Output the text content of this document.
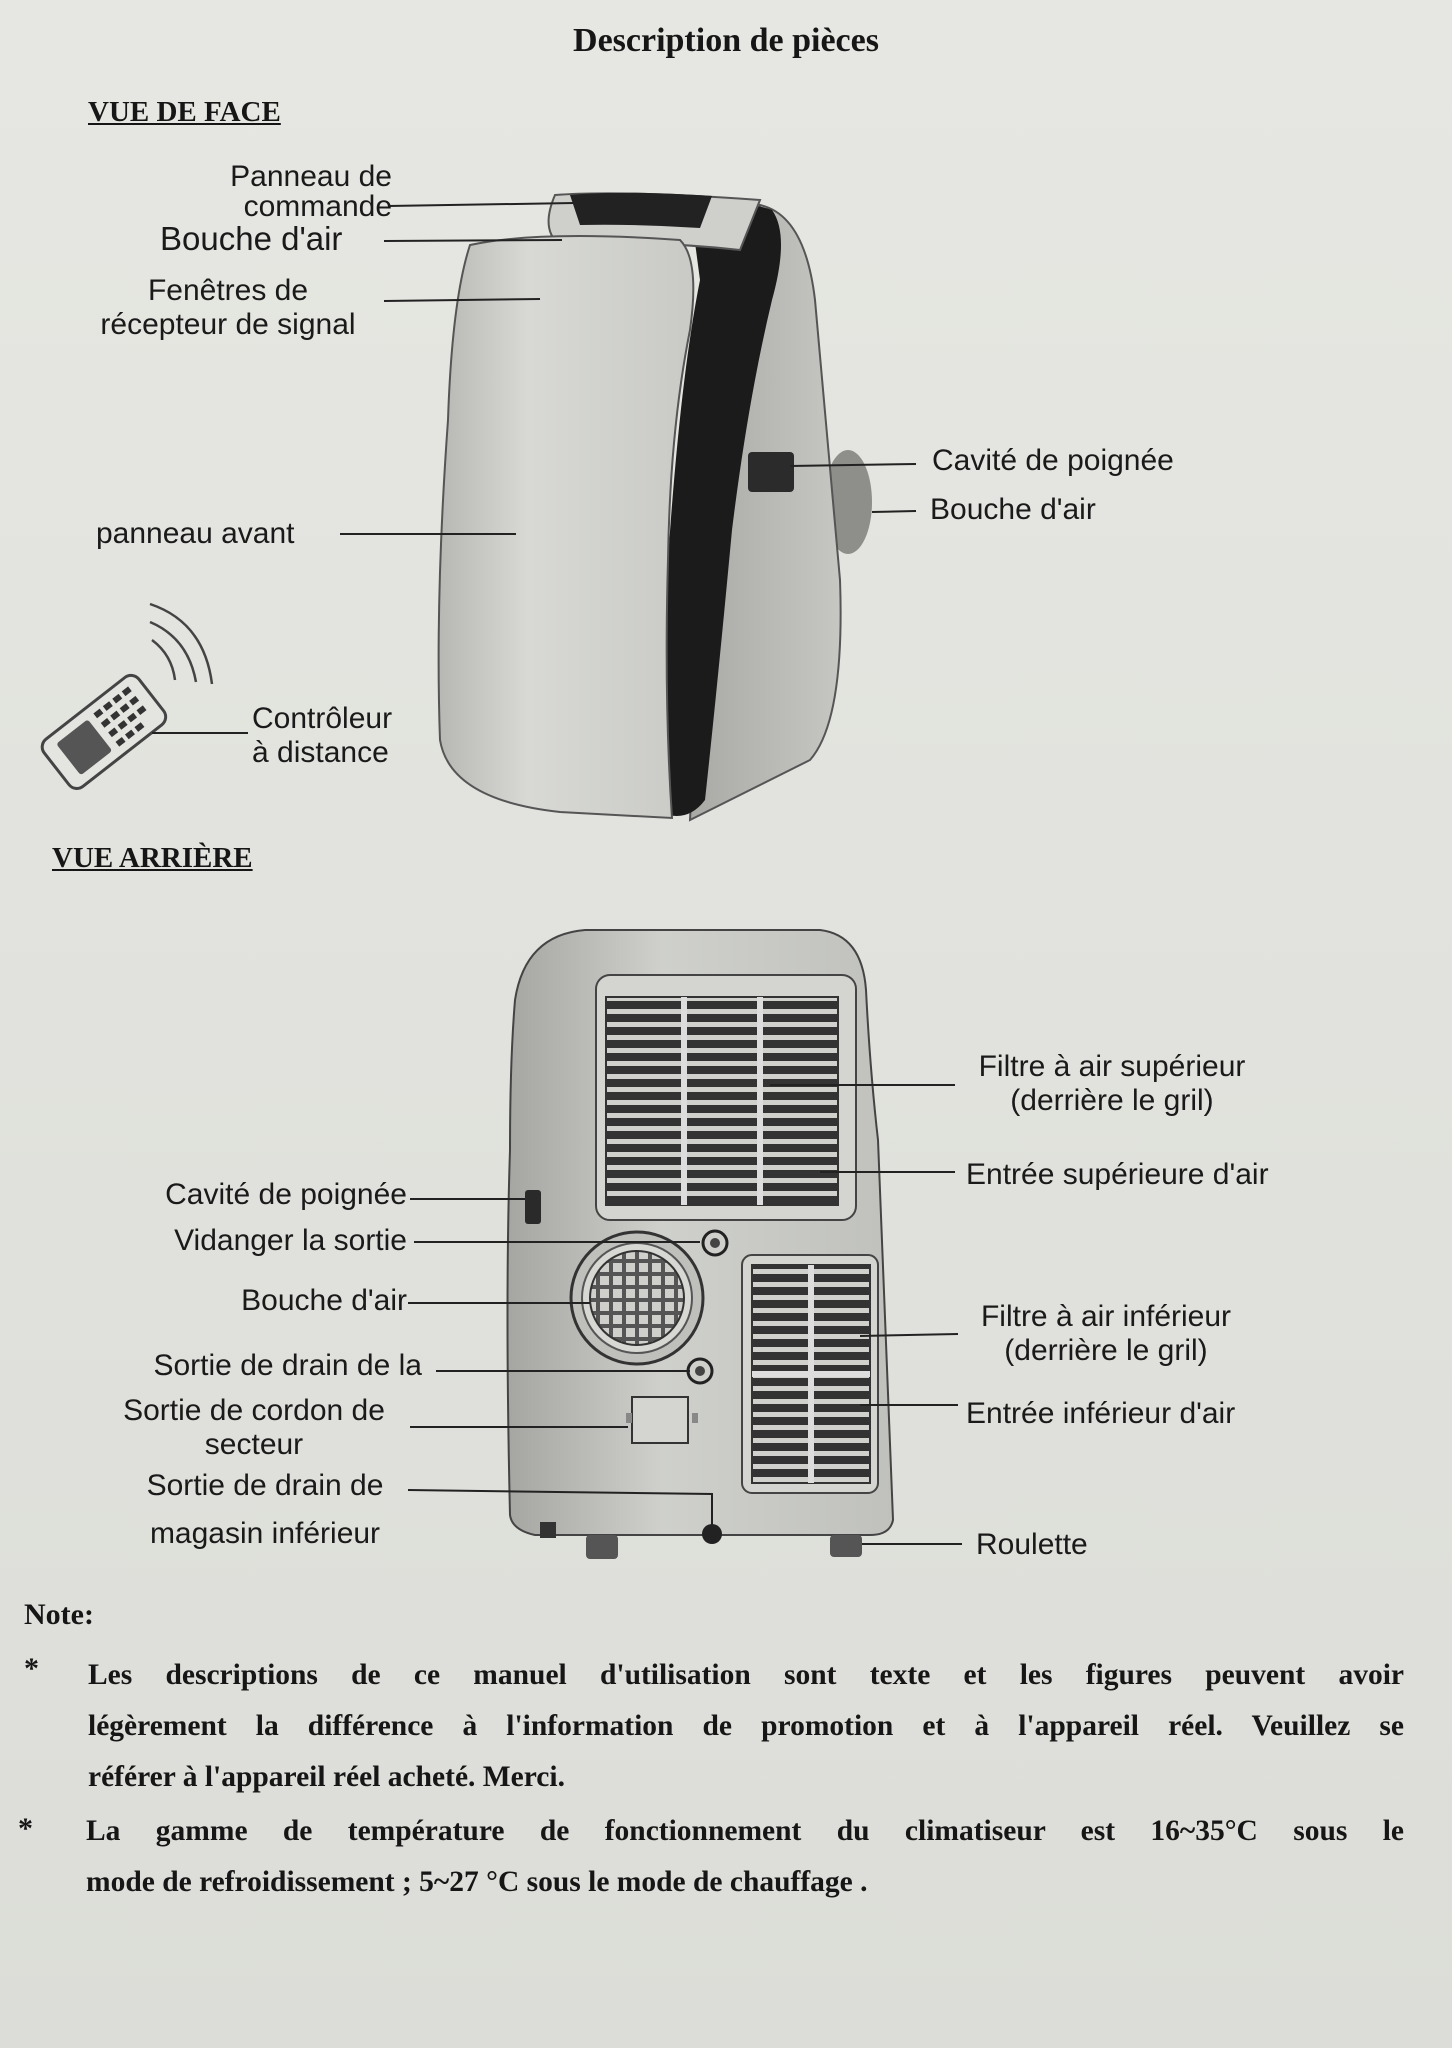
Description de pièces
VUE DE FACE
VUE ARRIÈRE
Panneau de
commande
Bouche d'air
Fenêtres de
récepteur de signal
Cavité de poignée
Bouche d'air
panneau avant
Contrôleur
à distance
Filtre à air supérieur
(derrière le gril)
Entrée supérieure d'air
Cavité de poignée
Vidanger la sortie
Bouche d'air
Sortie de drain de la
Sortie de cordon de
secteur
Filtre à air inférieur
(derrière le gril)
Entrée inférieur d'air
Sortie de drain de
magasin inférieur	Roulette
Note:
* Les descriptions de ce manuel d'utilisation sont texte et les figures peuvent avoir
légèrement la différence à l'information de promotion et à l'appareil réel. Veuillez se
référer à l'appareil réel acheté. Merci.
* La gamme de température de fonctionnement du climatiseur est 16~35°C sous le
mode de refroidissement ; 5~27 °C sous le mode de chauffage .
